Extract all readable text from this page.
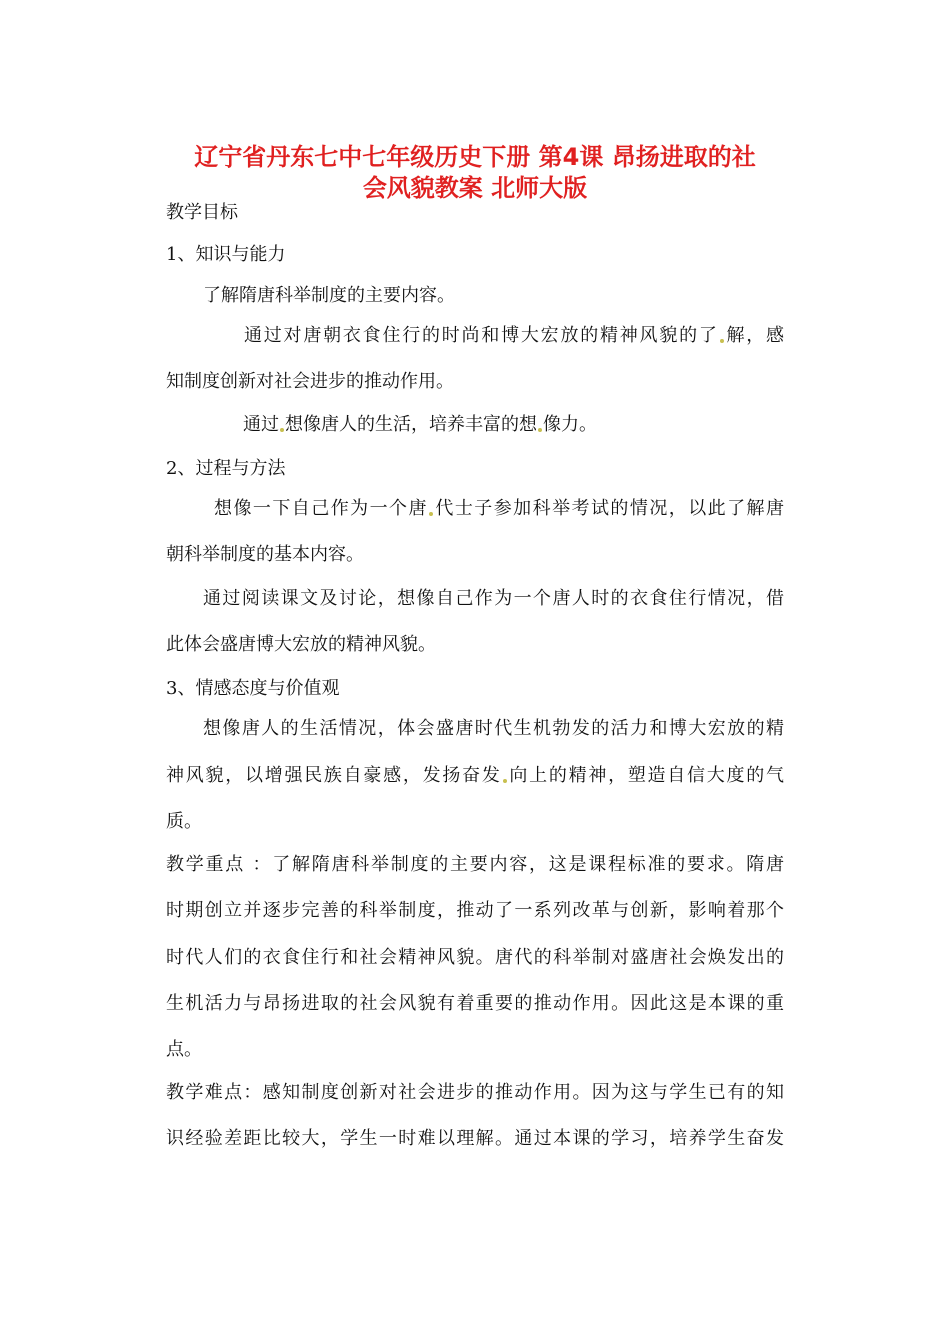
辽宁省丹东七中七年级历史下册 第4课 昂扬进取的社
会风貌教案 北师大版

教学目标

1、知识与能力

了解隋唐科举制度的主要内容。

通过对唐朝衣食住行的时尚和博大宏放的精神风貌的了 解，感

知制度创新对社会进步的推动作用。

通过 想像唐人的生活，培养丰富的想 像力。

2、过程与方法

想像一下自己作为一个唐 代士子参加科举考试的情况，以此了解唐

朝科举制度的基本内容。

通过阅读课文及讨论，想像自己作为一个唐人时的衣食住行情况，借

此体会盛唐博大宏放的精神风貌。

3、情感态度与价值观

想像唐人的生活情况，体会盛唐时代生机勃发的活力和博大宏放的精

神风貌，以增强民族自豪感，发扬奋发 向上的精神，塑造自信大度的气

质。

教学重点 ：了解隋唐科举制度的主要内容，这是课程标准的要求。隋唐

时期创立并逐步完善的科举制度，推动了一系列改革与创新，影响着那个

时代人们的衣食住行和社会精神风貌。唐代的科举制对盛唐社会焕发出的

生机活力与昂扬进取的社会风貌有着重要的推动作用。因此这是本课的重

点。

教学难点：感知制度创新对社会进步的推动作用。因为这与学生已有的知

识经验差距比较大，学生一时难以理解。通过本课的学习，培养学生奋发
